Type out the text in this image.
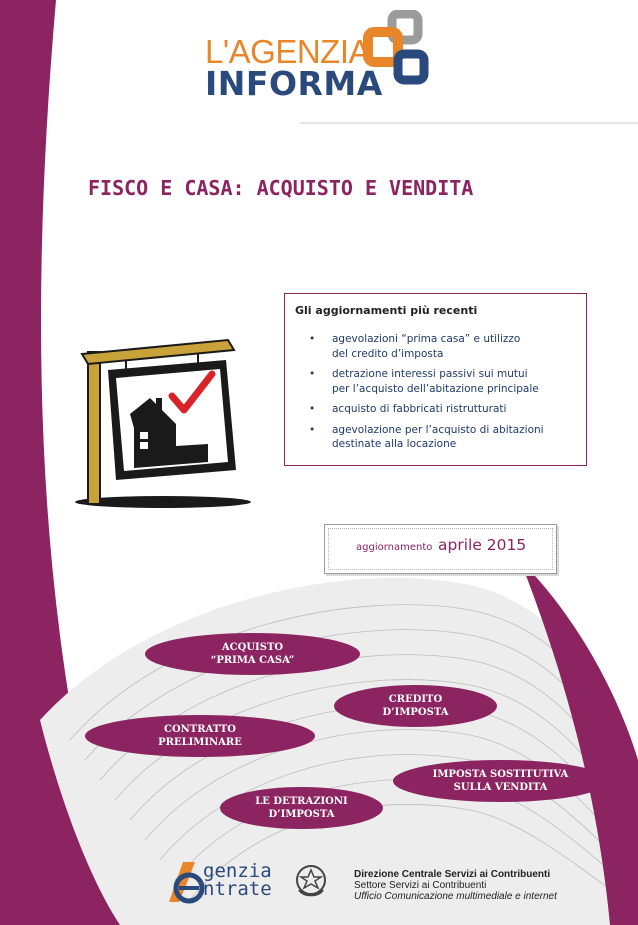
L'AGENZIA
INFORMA
FISCO E CASA: ACQUISTO E VENDITA
Gli aggiornamenti più recenti
• agevolazioni “prima casa” e utilizzo
del credito d’imposta
• detrazione interessi passivi sui mutui
per l’acquisto dell’abitazione principale
• acquisto di fabbricati ristrutturati
• agevolazione per l’acquisto di abitazioni
destinate alla locazione
aggiornamento aprile 2015
ACQUISTO
“PRIMA CASA”
CREDITO
D’IMPOSTA
CONTRATTO
PRELIMINARE
IMPOSTA SOSTITUTIVA
SULLA VENDITA
LE DETRAZIONI
D’IMPOSTA
genzia
ntrate
Direzione Centrale Servizi ai Contribuenti
Settore Servizi ai Contribuenti
Ufficio Comunicazione multimediale e internet
